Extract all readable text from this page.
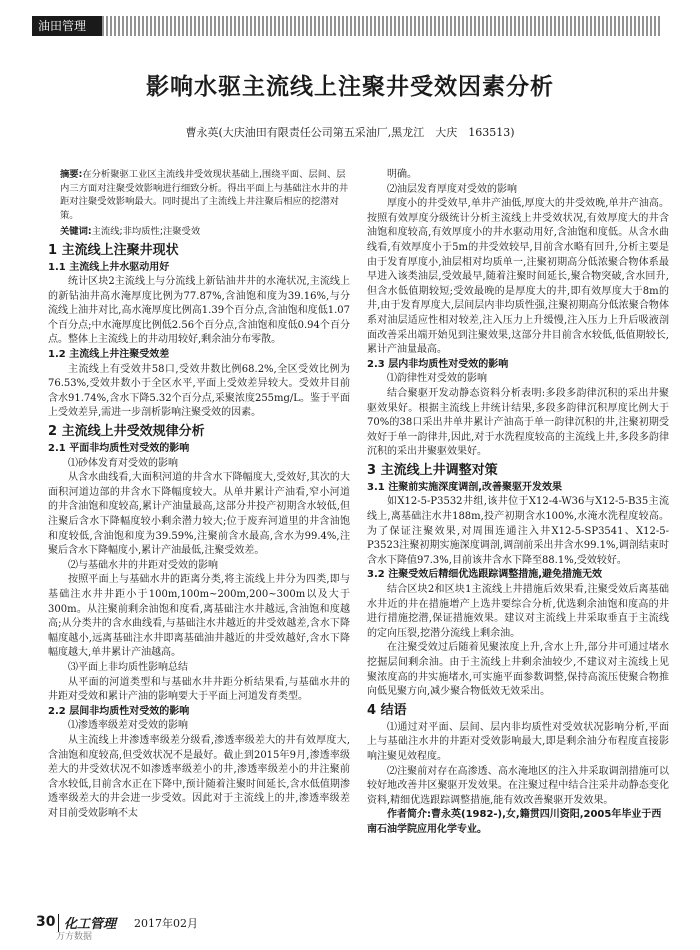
油田管理
影响水驱主流线上注聚井受效因素分析
曹永英(大庆油田有限责任公司第五采油厂,黑龙江　大庆　163513)
摘要:在分析聚驱工业区主流线井受效现状基础上,围绕平面、层间、层内三方面对注聚受效影响进行细致分析。得出平面上与基础注水井的井距对注聚受效影响最大。同时提出了主流线上井注聚后相应的挖潜对策。
关键词:主流线;非均质性;注聚受效
1 主流线上注聚井现状
1.1 主流线上井水驱动用好

统计区块2主流线上与分流线上新钻油井井的水淹状况,主流线上的新钻油井高水淹厚度比例为77.87%,含油饱和度为39.16%,与分流线上油井对比,高水淹厚度比例高1.39个百分点,含油饱和度低1.07个百分点;中水淹厚度比例低2.56个百分点,含油饱和度低0.94个百分点。整体上主流线上的井动用较好,剩余油分布零散。

1.2 主流线上井注聚受效差

主流线上有受效井58口,受效井数比例68.2%,全区受效比例为76.53%,受效井数小于全区水平,平面上受效差异较大。受效井目前含水91.74%,含水下降5.32个百分点,采聚浓度255mg/L。鉴于平面上受效差异,需进一步剖析影响注聚受效的因素。

2 主流线上井受效规律分析
2.1 平面非均质性对受效的影响
⑴砂体发育对受效的影响

从含水曲线看,大面积河道的井含水下降幅度大,受效好,其次的大面积河道边部的井含水下降幅度较大。从单井累计产油看,窄小河道的井含油饱和度较高,累计产油量最高,这部分井投产初期含水较低,但注聚后含水下降幅度较小剩余潜力较大;位于废弃河道里的井含油饱和度较低,含油饱和度为39.59%,注聚前含水最高,含水为99.4%,注聚后含水下降幅度小,累计产油最低,注聚受效差。

⑵与基础水井的井距对受效的影响

按照平面上与基础水井的距离分类,将主流线上井分为四类,即与基础注水井井距小于100m,100m~200m,200~300m以及大于300m。从注聚前剩余油饱和度看,离基础注水井越远,含油饱和度越高;从分类井的含水曲线看,与基础注水井越近的井受效越差,含水下降幅度越小,远离基础注水井即离基础油井越近的井受效越好,含水下降幅度越大,单井累计产油越高。

⑶平面上非均质性影响总结

从平面的河道类型和与基础水井井距分析结果看,与基础水井的井距对受效和累计产油的影响要大于平面上河道发育类型。

2.2 层间非均质性对受效的影响
⑴渗透率级差对受效的影响

从主流线上井渗透率级差分级看,渗透率级差大的井有效厚度大,含油饱和度较高,但受效状况不是最好。截止到2015年9月,渗透率级差大的井受效状况不如渗透率级差小的井,渗透率级差小的井注聚前含水较低,目前含水正在下降中,预计随着注聚时间延长,含水低值期渗透率级差大的井会进一步受效。因此对于主流线上的井,渗透率级差对目前受效影响不太

明确。

⑵油层发育厚度对受效的影响

厚度小的井受效早,单井产油低,厚度大的井受效晚,单井产油高。按照有效厚度分级统计分析主流线上井受效状况,有效厚度大的井含油饱和度较高,有效厚度小的井水驱动用好,含油饱和度低。从含水曲线看,有效厚度小于5m的井受效较早,目前含水略有回升,分析主要是由于发育厚度小,油层相对均质单一,注聚初期高分低浓聚合物体系最早进入该类油层,受效最早,随着注聚时间延长,聚合物突破,含水回升,但含水低值期较短;受效最晚的是厚度大的井,即有效厚度大于8m的井,由于发育厚度大,层间层内非均质性强,注聚初期高分低浓聚合物体系对油层适应性相对较差,注入压力上升缓慢,注入压力上升后吸液剖面改善采出端开始见到注聚效果,这部分井目前含水较低,低值期较长,累计产油量最高。

2.3 层内非均质性对受效的影响
⑴韵律性对受效的影响

结合聚驱开发动静态资料分析表明:多段多韵律沉积的采出井聚驱效果好。根据主流线上井统计结果,多段多韵律沉积厚度比例大于70%的38口采出井单井累计产油高于单一韵律沉积的井,注聚初期受效好于单一韵律井,因此,对于水洗程度较高的主流线上井,多段多韵律沉积的采出井聚驱效果好。

3 主流线上井调整对策
3.1 注聚前实施深度调剖,改善聚驱开发效果

如X12-5-P3532井组,该井位于X12-4-W36与X12-5-B35主流线上,离基础注水井188m,投产初期含水100%,水淹水洗程度较高。为了保证注聚效果,对周围连通注入井X12-5-SP3541、X12-5-P3523注聚初期实施深度调剖,调剖前采出井含水99.1%,调剖结束时含水下降值97.3%,目前该井含水下降至88.1%,受效较好。

3.2 注聚受效后精细优选跟踪调整措施,避免措施无效

结合区块2和区块1主流线上井措施后效果看,注聚受效后离基础水井近的井在措施增产上选井要综合分析,优选剩余油饱和度高的井进行措施挖潜,保证措施效果。建议对主流线上井采取垂直于主流线的定向压裂,挖潜分流线上剩余油。

在注聚受效过后随着见聚浓度上升,含水上升,部分井可通过堵水挖掘层间剩余油。由于主流线上井剩余油较少,不建议对主流线上见聚浓度高的井实施堵水,可实施平面参数调整,保持高流压使聚合物推向低见聚方向,减少聚合物低效无效采出。

4 结语

⑴通过对平面、层间、层内非均质性对受效状况影响分析,平面上与基础注水井的井距对受效影响最大,即是剩余油分布程度直接影响注聚见效程度。

⑵注聚前对存在高渗透、高水淹地区的注入井采取调剖措施可以较好地改善井区聚驱开发效果。在注聚过程中结合注采井动静态变化资料,精细优选跟踪调整措施,能有效改善聚驱开发效果。

作者简介:曹永英(1982-),女,籍贯四川资阳,2005年毕业于西南石油学院应用化学专业。

30 化工管理 2017年02月
万方数据
